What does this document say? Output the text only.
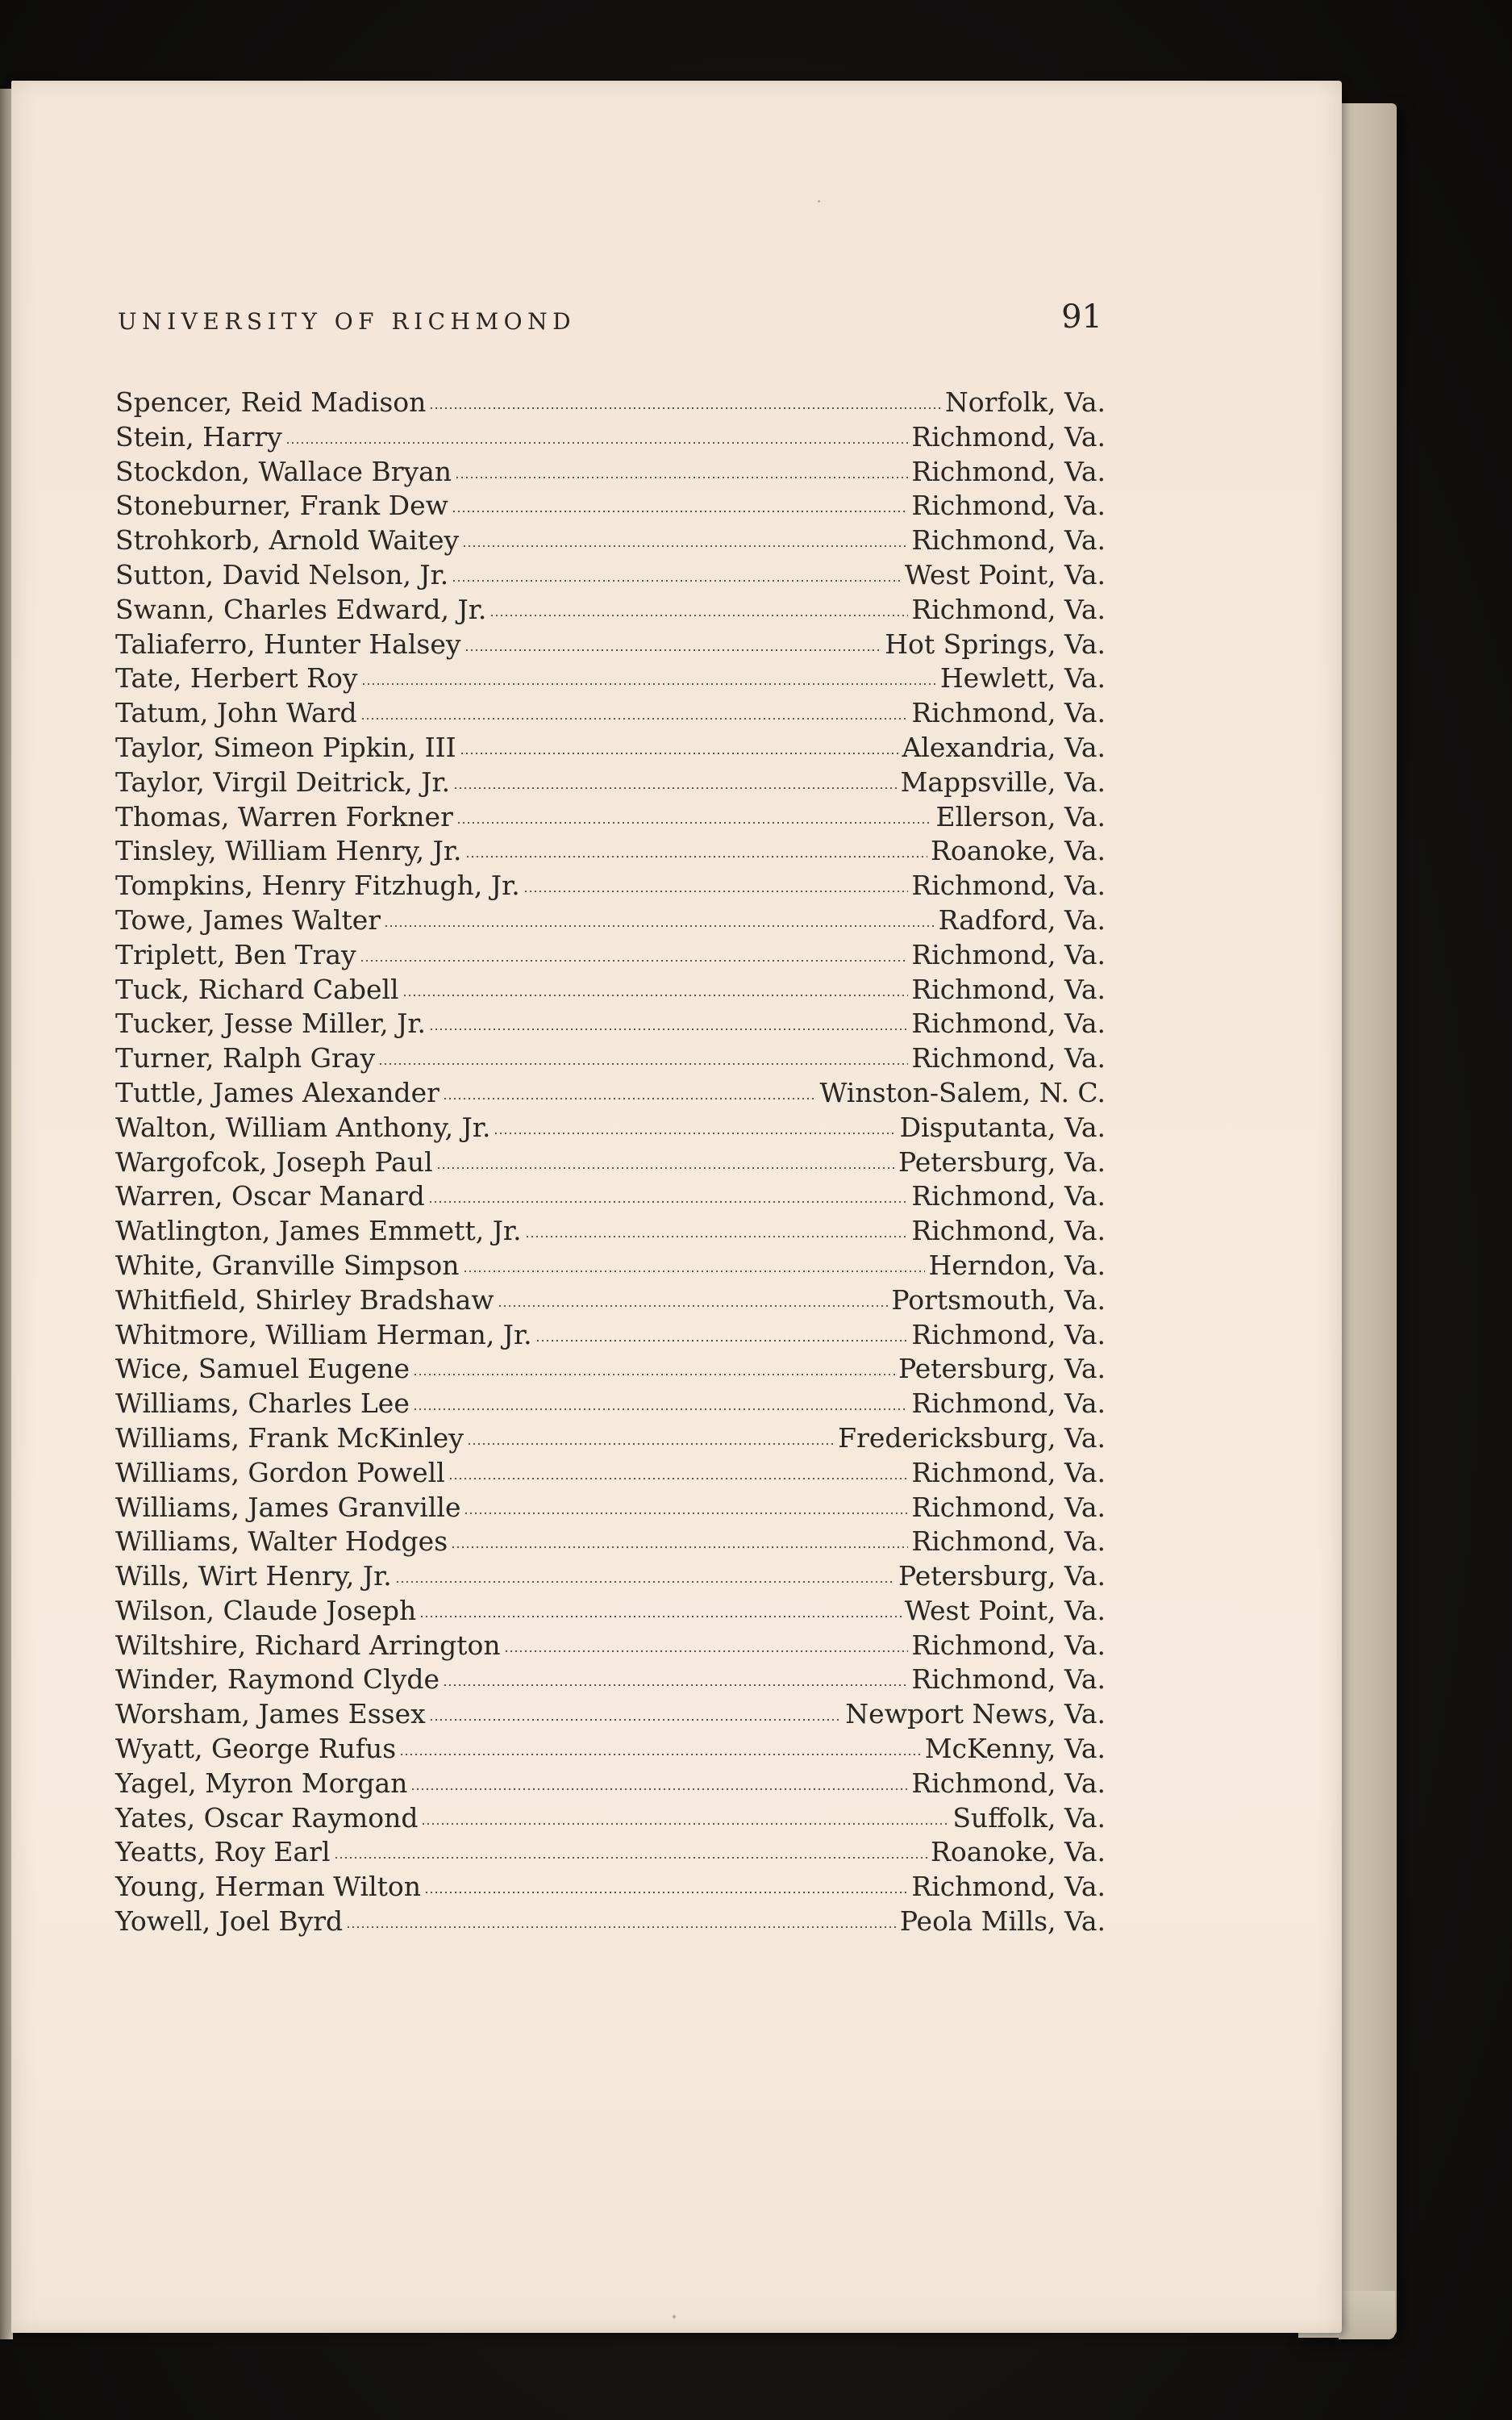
UNIVERSITY OF RICHMOND	91
Spencer, Reid Madison	Norfolk, Va.
Stein, Harry	Richmond, Va.
Stockdon, Wallace Bryan	Richmond, Va.
Stoneburner, Frank Dew	Richmond, Va.
Strohkorb, Arnold Waitey	Richmond, Va.
Sutton, David Nelson, Jr.	West Point, Va.
Swann, Charles Edward, Jr.	Richmond, Va.
Taliaferro, Hunter Halsey	Hot Springs, Va.
Tate, Herbert Roy	Hewlett, Va.
Tatum, John Ward	Richmond, Va.
Taylor, Simeon Pipkin, III	Alexandria, Va.
Taylor, Virgil Deitrick, Jr.	Mappsville, Va.
Thomas, Warren Forkner	Ellerson, Va.
Tinsley, William Henry, Jr.	Roanoke, Va.
Tompkins, Henry Fitzhugh, Jr.	Richmond, Va.
Towe, James Walter	Radford, Va.
Triplett, Ben Tray	Richmond, Va.
Tuck, Richard Cabell	Richmond, Va.
Tucker, Jesse Miller, Jr.	Richmond, Va.
Turner, Ralph Gray	Richmond, Va.
Tuttle, James Alexander	Winston-Salem, N. C.
Walton, William Anthony, Jr.	Disputanta, Va.
Wargofcok, Joseph Paul	Petersburg, Va.
Warren, Oscar Manard	Richmond, Va.
Watlington, James Emmett, Jr.	Richmond, Va.
White, Granville Simpson	Herndon, Va.
Whitfield, Shirley Bradshaw	Portsmouth, Va.
Whitmore, William Herman, Jr.	Richmond, Va.
Wice, Samuel Eugene	Petersburg, Va.
Williams, Charles Lee	Richmond, Va.
Williams, Frank McKinley	Fredericksburg, Va.
Williams, Gordon Powell	Richmond, Va.
Williams, James Granville	Richmond, Va.
Williams, Walter Hodges	Richmond, Va.
Wills, Wirt Henry, Jr.	Petersburg, Va.
Wilson, Claude Joseph	West Point, Va.
Wiltshire, Richard Arrington	Richmond, Va.
Winder, Raymond Clyde	Richmond, Va.
Worsham, James Essex	Newport News, Va.
Wyatt, George Rufus	McKenny, Va.
Yagel, Myron Morgan	Richmond, Va.
Yates, Oscar Raymond	Suffolk, Va.
Yeatts, Roy Earl	Roanoke, Va.
Young, Herman Wilton	Richmond, Va.
Yowell, Joel Byrd	Peola Mills, Va.
